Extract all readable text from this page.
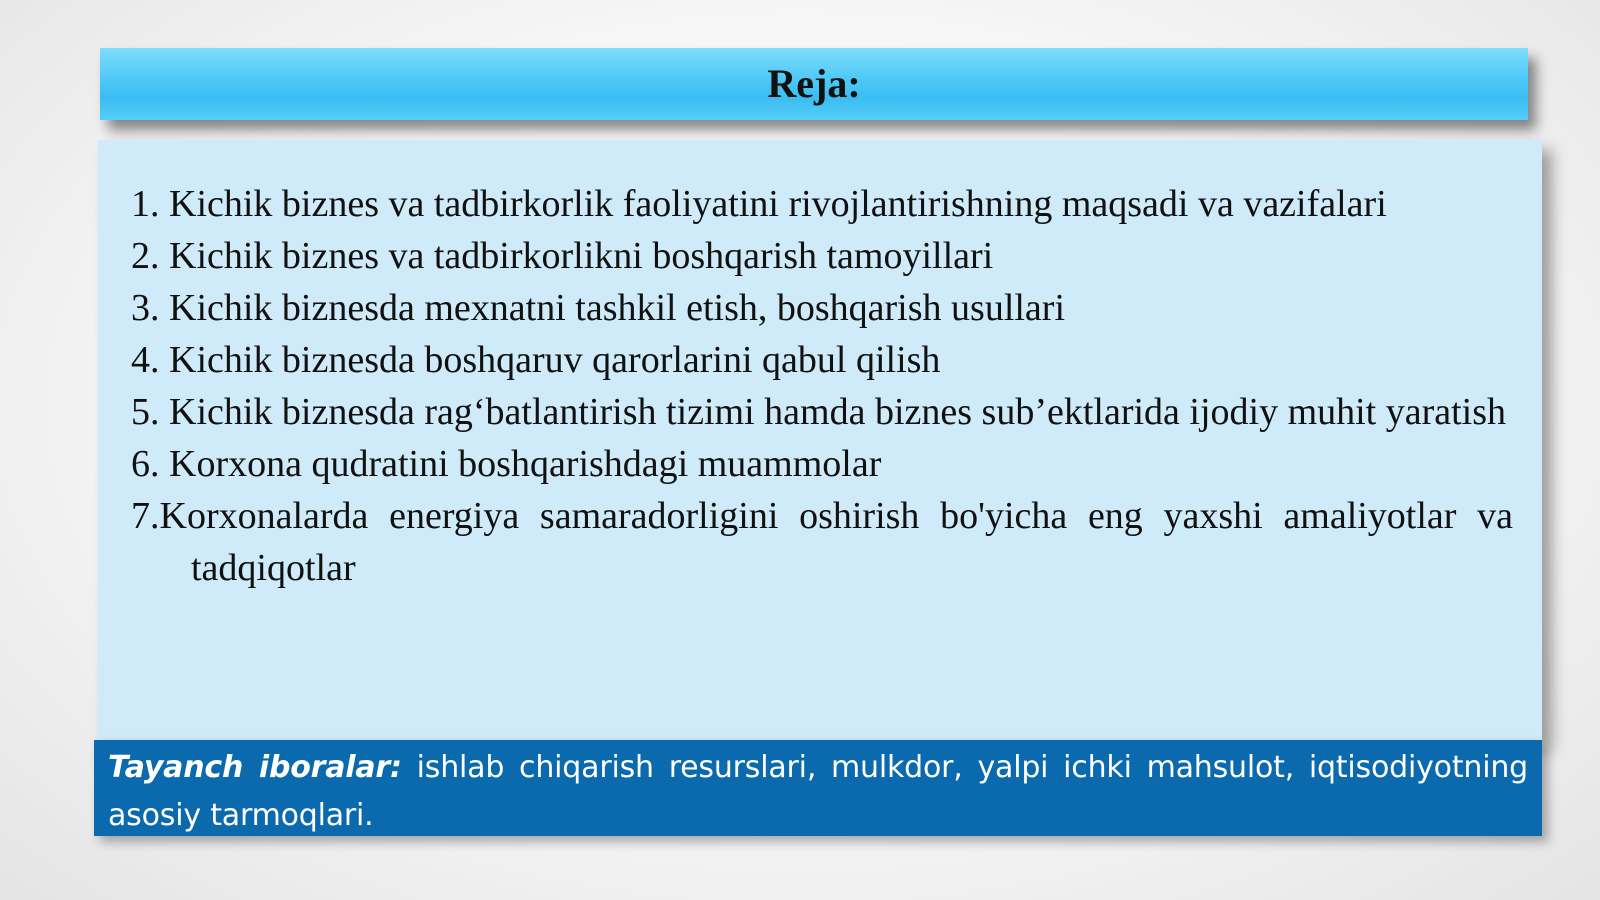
Reja:
1. Kichik biznes va tadbirkorlik faoliyatini rivojlantirishning maqsadi va vazifalari
2. Kichik biznes va tadbirkorlikni boshqarish tamoyillari
3. Kichik biznesda mexnatni tashkil etish, boshqarish usullari
4. Kichik biznesda boshqaruv qarorlarini qabul qilish
5. Kichik biznesda rag‘batlantirish tizimi hamda biznes sub’ektlarida ijodiy muhit yaratish
6. Korxona qudratini boshqarishdagi muammolar
7.Korxonalarda energiya samaradorligini oshirish bo'yicha eng yaxshi amaliyotlar va tadqiqotlar

Tayanch iboralar: ishlab chiqarish resurslari, mulkdor, yalpi ichki mahsulot, iqtisodiyotning asosiy tarmoqlari.
